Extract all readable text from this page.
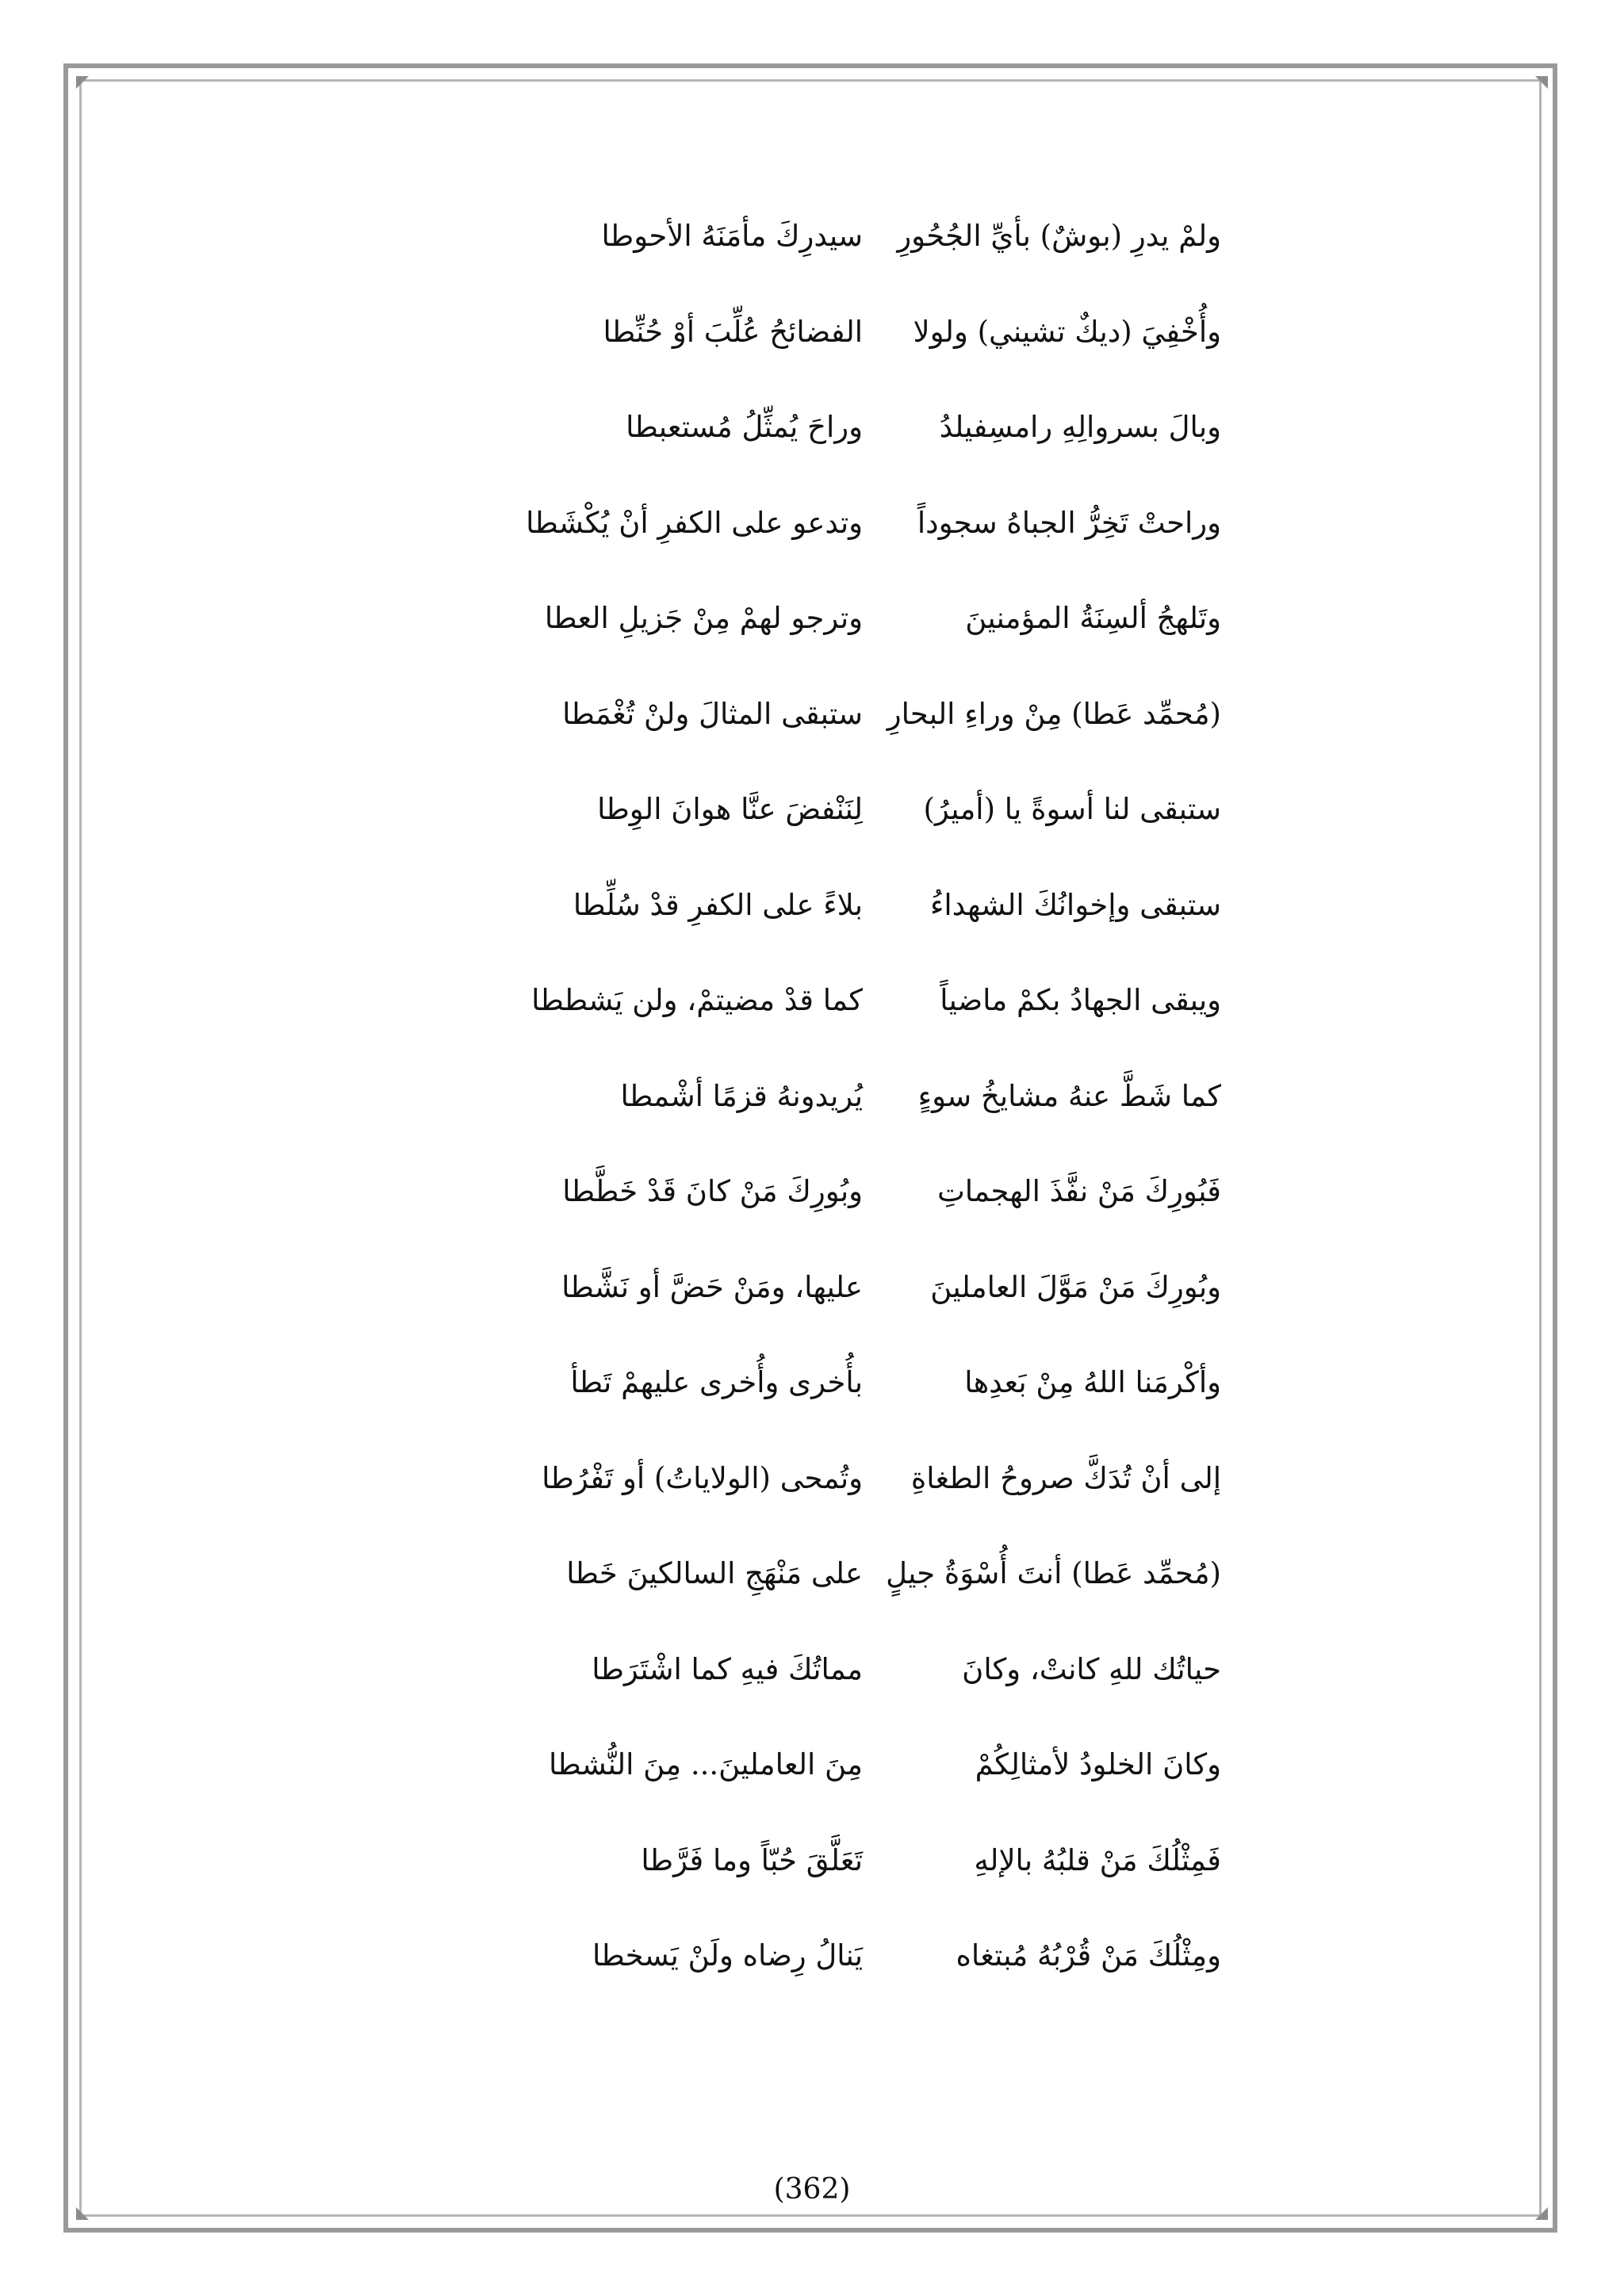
ولمْ يدرِ (بوشٌ) بأيِّ الجُحُورِ
سيدرِكَ مأمَنَهُ الأحوطا
وأُخْفِيَ (ديكٌ تشيني) ولولا
الفضائحُ عُلِّبَ أوْ حُنِّطا
وبالَ بسروالِهِ رامسِفيلدُ
وراحَ يُمثِّلُ مُستعبطا
وراحتْ تَخِرُّ الجباهُ سجوداً
وتدعو على الكفرِ أنْ يُكْشَطا
وتَلهجُ ألسِنَةُ المؤمنينَ
وترجو لهمْ مِنْ جَزيلِ العطا
(مُحمِّد عَطا) مِنْ وراءِ البحارِ
ستبقى المثالَ ولنْ تُغْمَطا
ستبقى لنا أسوةً يا (أميرُ)
لِنَنْفضَ عنَّا هوانَ الوِطا
ستبقى وإخوانُكَ الشهداءُ
بلاءً على الكفرِ قدْ سُلِّطا
ويبقى الجهادُ بكمْ ماضياً
كما قدْ مضيتمْ، ولن يَشططا
كما شَطَّ عنهُ مشايخُ سوءٍ
يُريدونهُ قزمًا أشْمطا
فَبُورِكَ مَنْ نفَّذَ الهجماتِ
وبُورِكَ مَنْ كانَ قَدْ خَطَّطا
وبُورِكَ مَنْ مَوَّلَ العاملينَ
عليها، ومَنْ حَضَّ أو نَشَّطا
وأكْرمَنا اللهُ مِنْ بَعدِها
بأُخرى وأُخرى عليهمْ تَطأ
إلى أنْ تُدَكَّ صروحُ الطغاةِ
وتُمحى (الولاياتُ) أو تَفْرُطا
(مُحمِّد عَطا) أنتَ أُسْوَةُ جيلٍ
على مَنْهَجِ السالكينَ خَطا
حياتُك للهِ كانتْ، وكانَ
مماتُكَ فيهِ كما اشْتَرَطا
وكانَ الخلودُ لأمثالِكُمْ
مِنَ العاملينَ... مِنَ النُّشطا
فَمِثْلُكَ مَنْ قلبُهُ بالإلهِ
تَعَلَّقَ حُبّاً وما فَرَّطا
ومِثْلُكَ مَنْ قُرْبُهُ مُبتغاه
يَنالُ رِضاه ولَنْ يَسخطا
(362)
